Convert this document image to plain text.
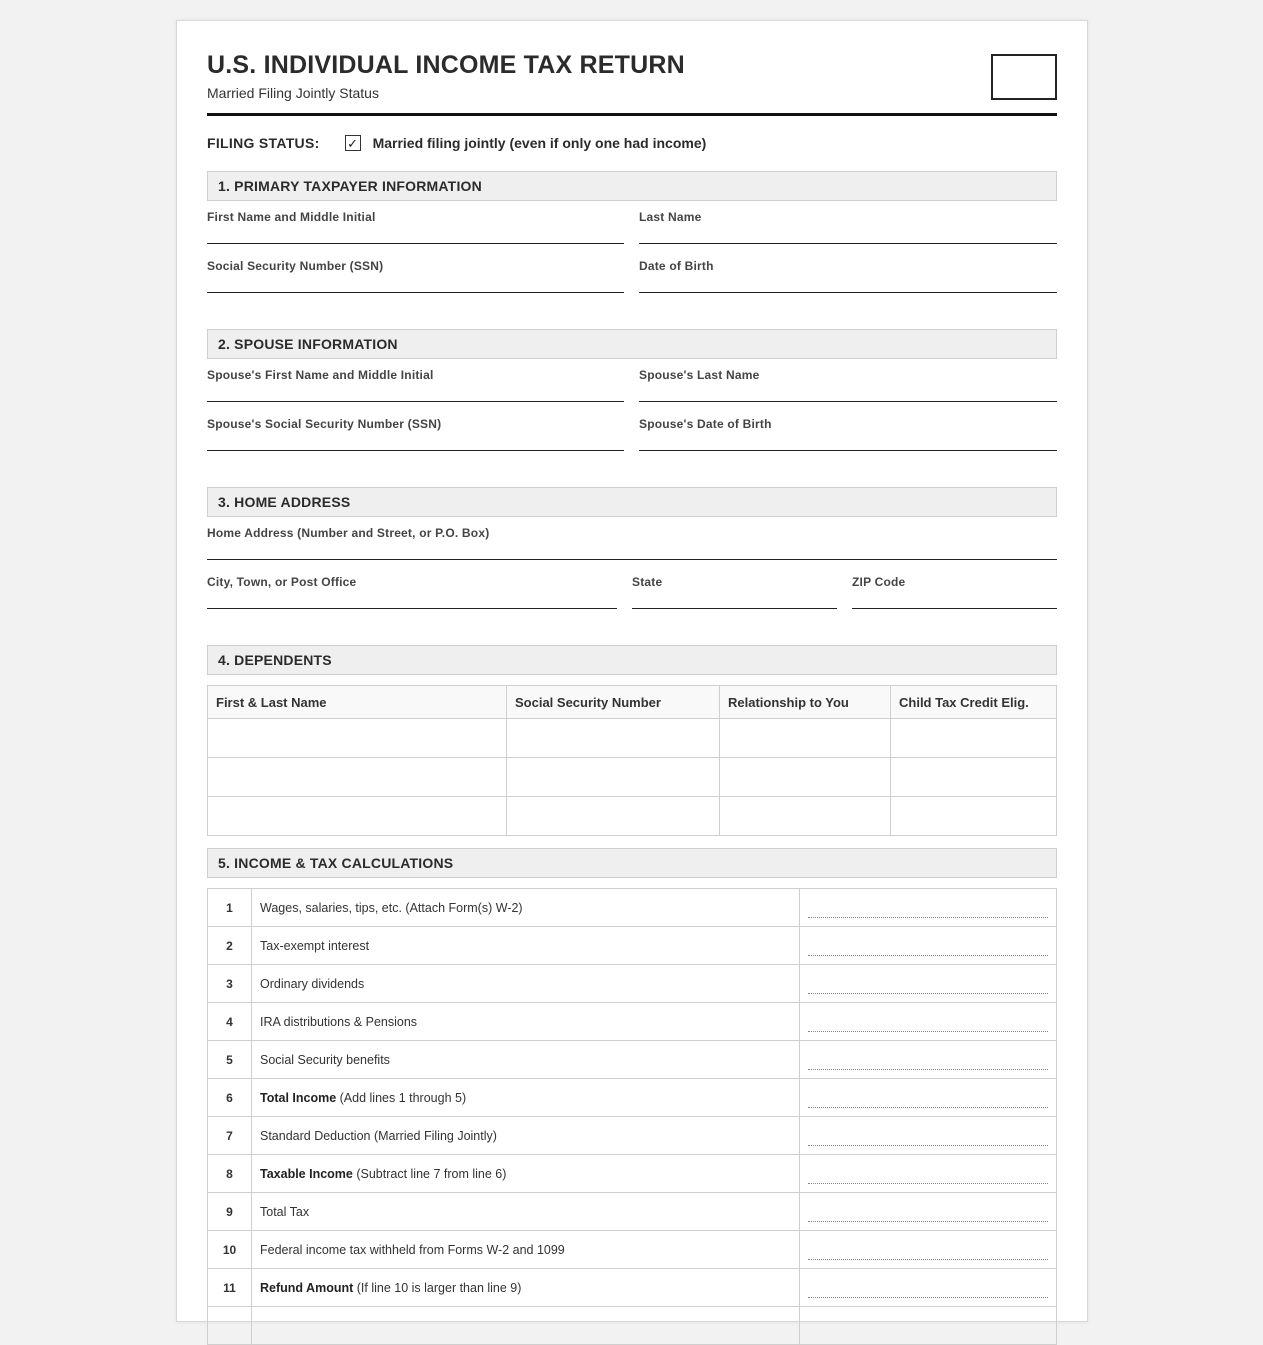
U.S. INDIVIDUAL INCOME TAX RETURN
Married Filing Jointly Status
FILING STATUS: ✓ Married filing jointly (even if only one had income)
1. PRIMARY TAXPAYER INFORMATION
First Name and Middle Initial	Last Name
Social Security Number (SSN)	Date of Birth
2. SPOUSE INFORMATION
Spouse's First Name and Middle Initial	Spouse's Last Name
Spouse's Social Security Number (SSN)	Spouse's Date of Birth
3. HOME ADDRESS
Home Address (Number and Street, or P.O. Box)
City, Town, or Post Office	State	ZIP Code
4. DEPENDENTS
First & Last Name	Social Security Number	Relationship to You	Child Tax Credit Elig.

5. INCOME & TAX CALCULATIONS
1	Wages, salaries, tips, etc. (Attach Form(s) W-2)	

2	Tax-exempt interest	

3	Ordinary dividends	

4	IRA distributions & Pensions	

5	Social Security benefits	

6	Total Income (Add lines 1 through 5)	

7	Standard Deduction (Married Filing Jointly)	

8	Taxable Income (Subtract line 7 from line 6)	

9	Total Tax	

10	Federal income tax withheld from Forms W-2 and 1099	

11	Refund Amount (If line 10 is larger than line 9)	
